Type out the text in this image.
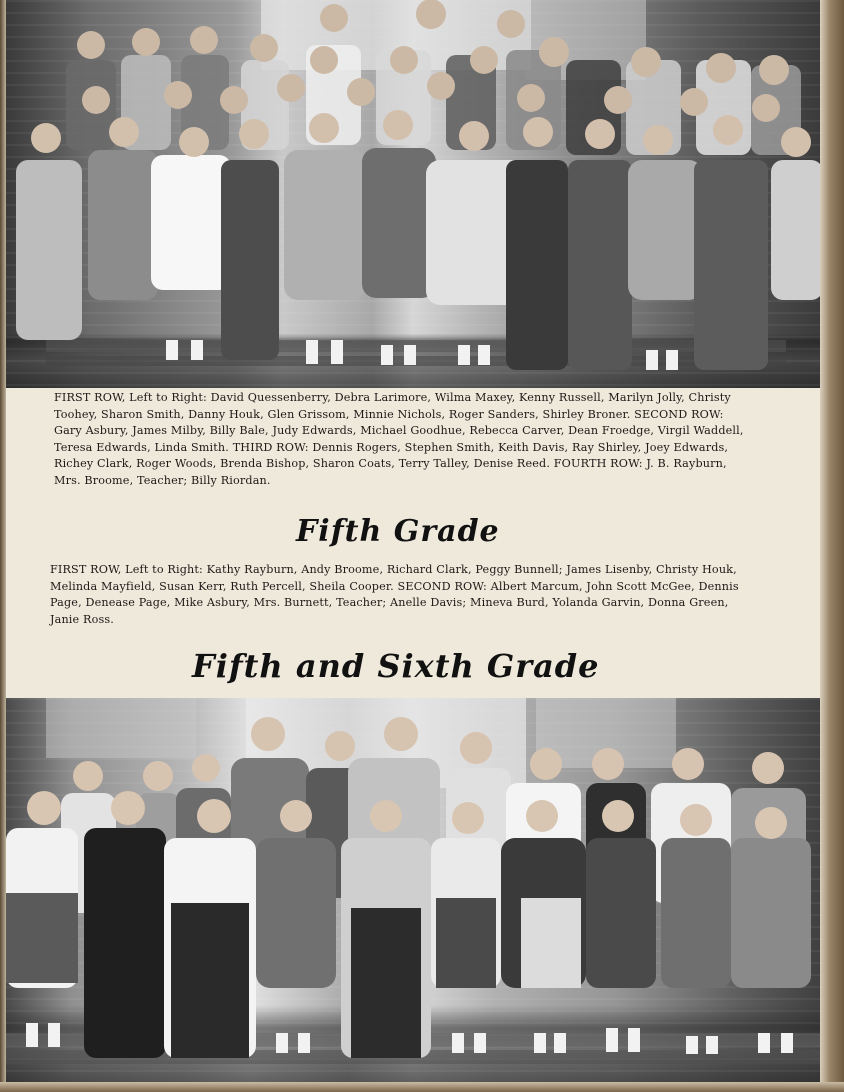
FIRST ROW, Left to Right: David Quessenberry, Debra Larimore, Wilma Maxey, Kenny Russell, Marilyn Jolly, Christy Toohey, Sharon Smith, Danny Houk, Glen Grissom, Minnie Nichols, Roger Sanders, Shirley Broner. SECOND ROW: Gary Asbury, James Milby, Billy Bale, Judy Edwards, Michael Goodhue, Rebecca Carver, Dean Froedge, Virgil Waddell, Teresa Edwards, Linda Smith. THIRD ROW: Dennis Rogers, Stephen Smith, Keith Davis, Ray Shirley, Joey Edwards, Richey Clark, Roger Woods, Brenda Bishop, Sharon Coats, Terry Talley, Denise Reed. FOURTH ROW: J. B. Rayburn, Mrs. Broome, Teacher; Billy Riordan.

Fifth Grade

FIRST ROW, Left to Right: Kathy Rayburn, Andy Broome, Richard Clark, Peggy Bunnell; James Lisenby, Christy Houk, Melinda Mayfield, Susan Kerr, Ruth Percell, Sheila Cooper. SECOND ROW: Albert Marcum, John Scott McGee, Dennis Page, Denease Page, Mike Asbury, Mrs. Burnett, Teacher; Anelle Davis; Mineva Burd, Yolanda Garvin, Donna Green, Janie Ross.

Fifth and Sixth Grade
